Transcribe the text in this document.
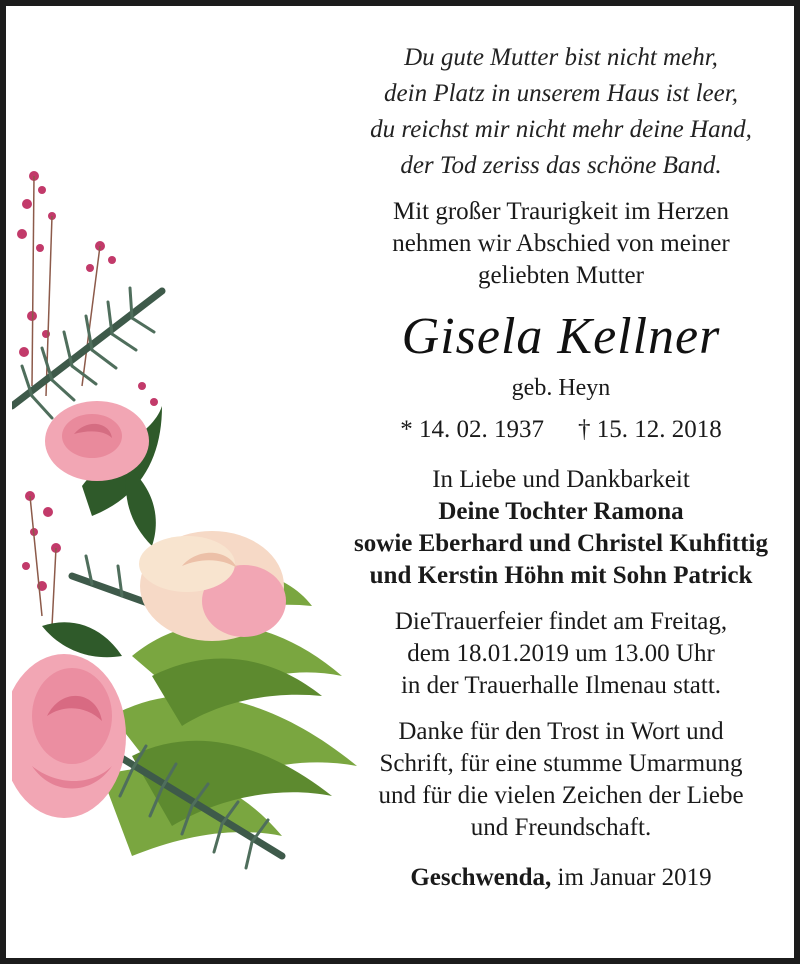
Du gute Mutter bist nicht mehr,
dein Platz in unserem Haus ist leer,
du reichst mir nicht mehr deine Hand,
der Tod zeriss das schöne Band.
Mit großer Traurigkeit im Herzen
nehmen wir Abschied von meiner
geliebten Mutter
Gisela Kellner
geb. Heyn
* 14. 02. 1937 † 15. 12. 2018
In Liebe und Dankbarkeit
Deine Tochter Ramona
sowie Eberhard und Christel Kuhfittig
und Kerstin Höhn mit Sohn Patrick
DieTrauerfeier findet am Freitag,
dem 18.01.2019 um 13.00 Uhr
in der Trauerhalle Ilmenau statt.
Danke für den Trost in Wort und
Schrift, für eine stumme Umarmung
und für die vielen Zeichen der Liebe
und Freundschaft.
Geschwenda, im Januar 2019
